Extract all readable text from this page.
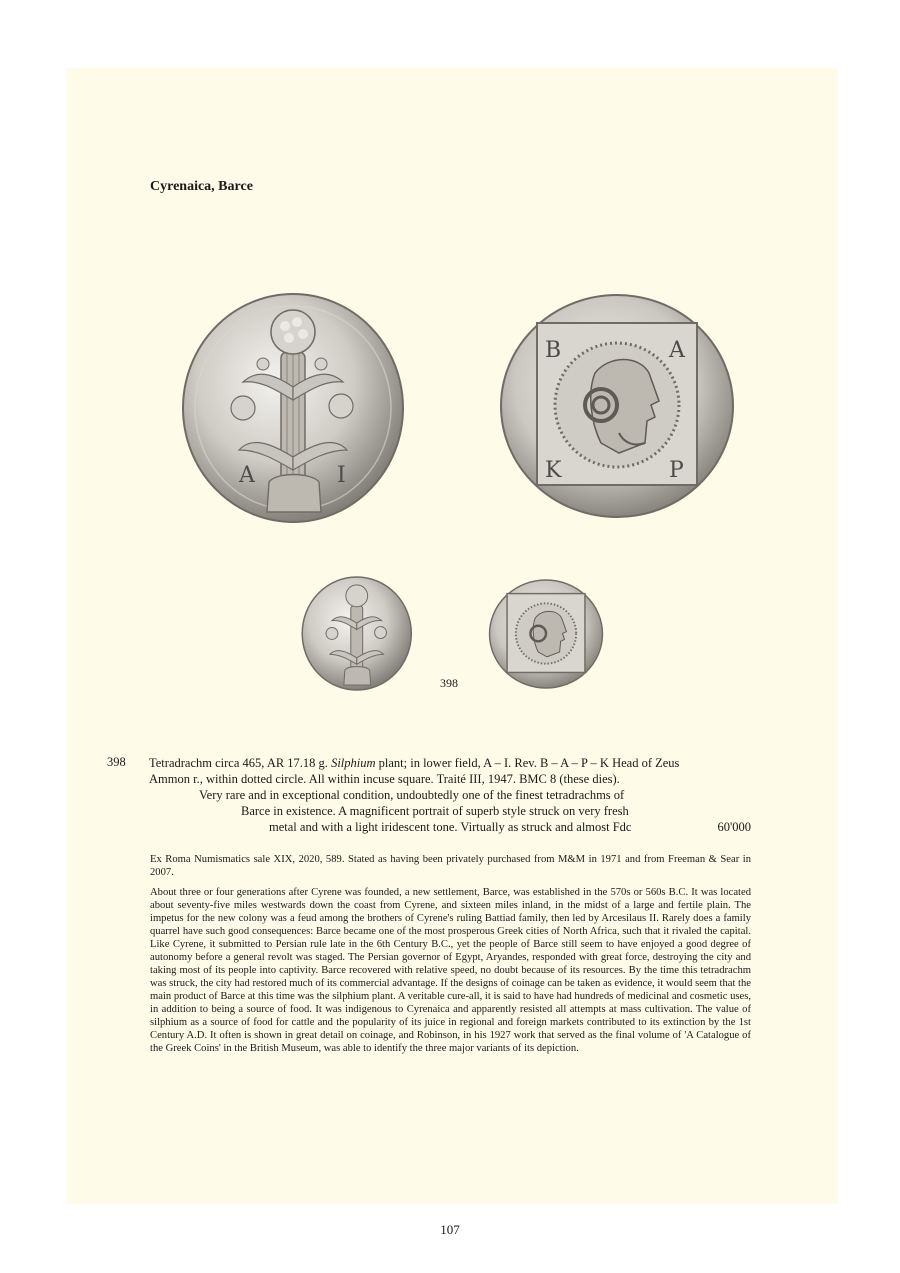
Cyrenaica, Barce
A	I
B	A
P
K
398
398 Tetradrachm circa 465, AR 17.18 g. Silphium plant; in lower field, A – I. Rev. B – A – P – K Head of Zeus

Ammon r., within dotted circle. All within incuse square. Traité III, 1947. BMC 8 (these dies).

Very rare and in exceptional condition, undoubtedly one of the finest tetradrachms of

Barce in existence. A magnificent portrait of superb style struck on very fresh

metal and with a light iridescent tone. Virtually as struck and almost Fdc	60'000

Ex Roma Numismatics sale XIX, 2020, 589. Stated as having been privately purchased from M&M in 1971 and from Freeman & Sear in 2007.

About three or four generations after Cyrene was founded, a new settlement, Barce, was established in the 570s or 560s B.C. It was located about seventy-five miles westwards down the coast from Cyrene, and sixteen miles inland, in the midst of a large and fertile plain. The impetus for the new colony was a feud among the brothers of Cyrene's ruling Battiad family, then led by Arcesilaus II. Rarely does a family quarrel have such good consequences: Barce became one of the most prosperous Greek cities of North Africa, such that it rivaled the capital. Like Cyrene, it submitted to Persian rule late in the 6th Century B.C., yet the people of Barce still seem to have enjoyed a good degree of autonomy before a general revolt was staged. The Persian governor of Egypt, Aryandes, responded with great force, destroying the city and taking most of its people into captivity. Barce recovered with relative speed, no doubt because of its resources. By the time this tetradrachm was struck, the city had restored much of its commercial advantage. If the designs of coinage can be taken as evidence, it would seem that the main product of Barce at this time was the silphium plant. A veritable cure-all, it is said to have had hundreds of medicinal and cosmetic uses, in addition to being a source of food. It was indigenous to Cyrenaica and apparently resisted all attempts at mass cultivation. The value of silphium as a source of food for cattle and the popularity of its juice in regional and foreign markets contributed to its extinction by the 1st Century A.D. It often is shown in great detail on coinage, and Robinson, in his 1927 work that served as the final volume of 'A Catalogue of the Greek Coins' in the British Museum, was able to identify the three major variants of its depiction.

107
